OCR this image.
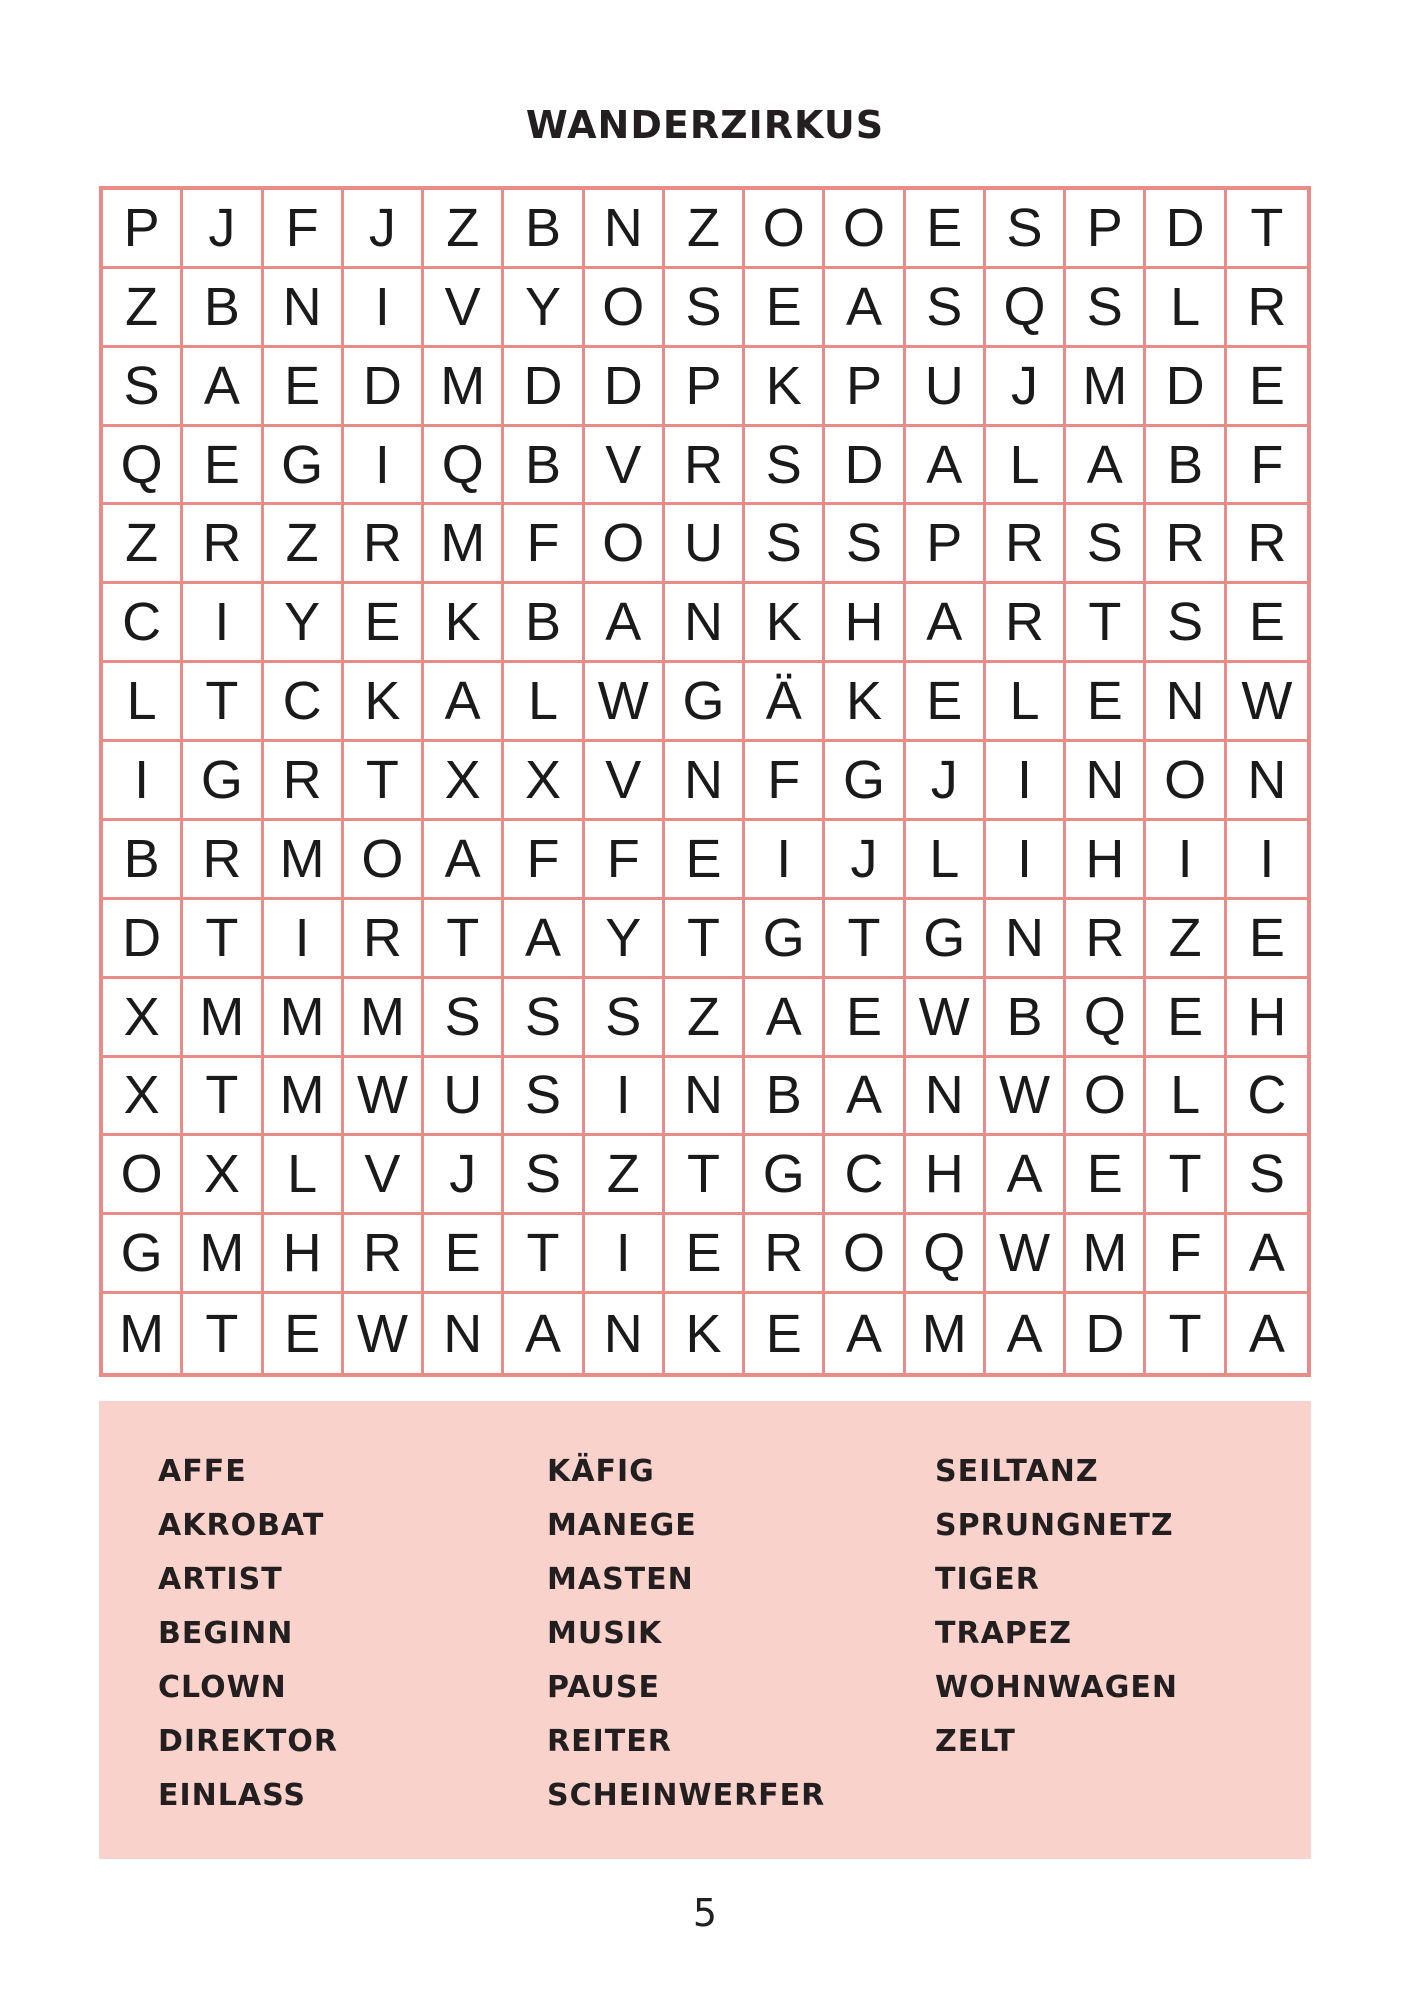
WANDERZIRKUS
P J F J Z B N Z O O E S P D T
Z B N I	V Y O S E A S Q S L R
S A E D M D D P K P U J M D E
Q E G I Q B V R S D A L A B F
Z R Z R M F O U S S P R S R R
C I	Y E K B A N K H A R T S E
L T C K A L W G Ä K E L E N W
I G R T X X V N F G J	I N O N
B R M O A F F E	I	J L	I H I	I
D T	I R T A Y T G T G N R Z E
X M M M S S S Z A E W B Q E H
X T M W U S	I N B A N W O L C
O X L V J S Z T G C H A E T S
G M H R E T	I	E R O Q W M F A
M T E W N A N K E A M A D T A
AFFE
AKROBAT
ARTIST
BEGINN
CLOWN
DIREKTOR
EINLASS
KÄFIG
MANEGE
MASTEN
MUSIK
PAUSE
REITER
SCHEINWERFER
SEILTANZ
SPRUNGNETZ
TIGER
TRAPEZ
WOHNWAGEN
ZELT
5
